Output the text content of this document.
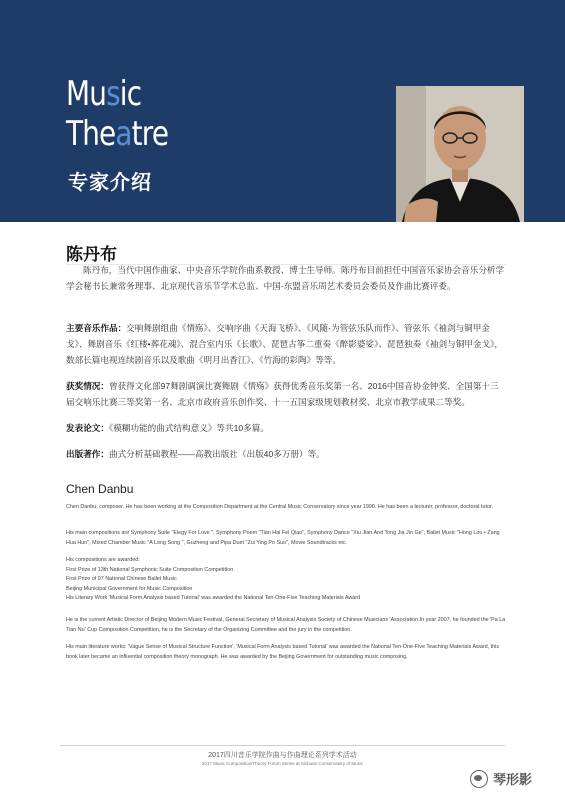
Music
Theatre
专家介绍
陈丹布
陈丹布，当代中国作曲家、中央音乐学院作曲系教授、博士生导师。陈丹布目前担任中国音乐家协会音乐分析学学会秘书长兼常务理事、北京现代音乐节学术总监、中国-东盟音乐周艺术委员会委员及作曲比赛评委。
主要音乐作品：交响舞剧组曲《情殇》、交响序曲《天海飞桥》、《风随-为管弦乐队而作》、管弦乐《袖剑与铜甲金戈》、舞剧音乐《红楼•葬花魂》、混合室内乐《长歌》、琵琶古筝二重奏《醉影婆娑》、琵琶独奏《袖剑与铜甲金戈》，数部长篇电视连续剧音乐以及歌曲《明月出香江》、《竹海的彩陶》等等。
获奖情况：曾获得文化部97舞剧调演比赛舞剧《情殇》获得优秀音乐奖第一名、2016中国音协金钟奖、全国第十三届交响乐比赛三等奖第一名、北京市政府音乐创作奖、十一五国家级规划教材奖、北京市教学成果二等奖。
发表论文：《模糊功能的曲式结构意义》等共10多篇。
出版著作：曲式分析基础教程——高教出版社（出版40多万册）等。
Chen Danbu
Chen Danbu, composer. He has been working at the Composition Department at the Central Music Conservatory since year 1990. He has been a lecturer, professor, doctoral tutor.
His main compositions are Symphony Suite "Elegy For Love ", Symphony Poem "Tian Hai Fei Qiao", Symphony Dance "Xiu Jian And Tong Jia Jin Ge", Ballet Music "Hong Lou • Zang Hua Hun", Mixed Chamber Music "A Long Song ", Guzheng and Pipa Duet "Zui Ying Po Suo", Movie Soundtracks etc.
His compositions are awarded:
First Prize of 13th National Symphonic Suite Composition Competition
First Prize of 97 National Chinese Ballet Music
Beijing Municipal Government for Music Composition
His Literary Work 'Musical Form Analysis based Tutorial' was awarded the National Ten-One-Five Teaching Materials Award
He is the current Artistic Director of Beijing Modern Music Festival, General Secretary of Musical Analysis Society of Chinese Musicians 'Association.In year 2007, he founded the 'Pa La Tian Nu' Cup Composition Competition, he is the Secretary of the Organizing Committee and the jury in the competition.
His main literature works: 'Vague Sense of Musical Structure Function', 'Musical Form Analysis based Tutorial' was awarded the National Ten-One-Five Teaching Materials Award, this book later became an influential composition theory monograph. He was awarded by the Beijing Government for outstanding music composing.
2017四川音乐学院作曲与作曲理论系列学术活动
2017 Music Composition/Theory Forum Series at Sichuan Conservatory of Music
琴形影
